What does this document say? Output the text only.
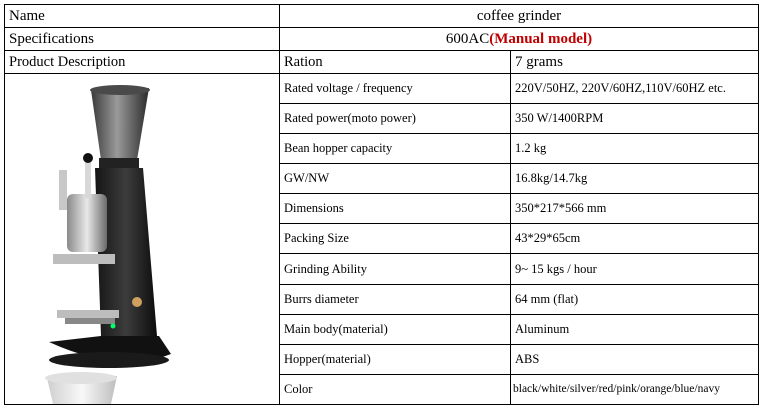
Name	coffee grinder	
Specifications	600AC(Manual model)	
Product Description	Ration	7 grams

	Rated voltage / frequency	220V/50HZ, 220V/60HZ,110V/60HZ etc.
	Rated power(moto power)	350 W/1400RPM
	Bean hopper capacity	1.2 kg
	GW/NW	16.8kg/14.7kg
	Dimensions	350*217*566 mm
	Packing Size	43*29*65cm
	Grinding Ability	9~ 15 kgs / hour
	Burrs diameter	64 mm (flat)
	Main body(material)	Aluminum
	Hopper(material)	ABS
	Color	black/white/silver/red/pink/orange/blue/navy
